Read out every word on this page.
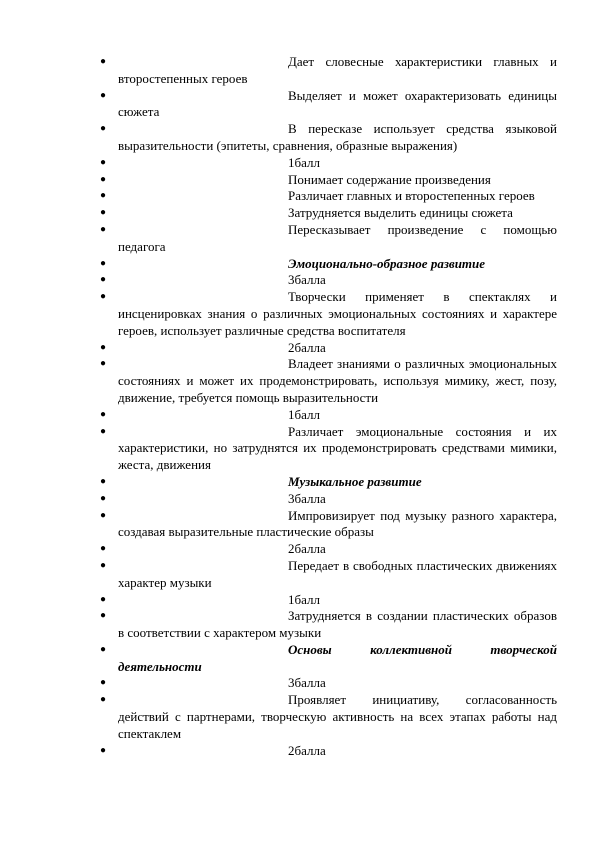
●	Дает словесные характеристики главных и второстепенных героев
●	Выделяет и может охарактеризовать единицы сюжета
●	В пересказе использует средства языковой выразительности (эпитеты, сравнения, образные выражения)
●	1балл
●	Понимает содержание произведения
●	Различает главных и второстепенных героев
●	Затрудняется выделить единицы сюжета
●	Пересказывает произведение с помощью педагога
●	Эмоционально-образное развитие
●	3балла
●	Творчески применяет в спектаклях и инсценировках знания о различных эмоциональных состояниях и характере героев, использует различные средства воспитателя
●	2балла
●	Владеет знаниями о различных эмоциональных состояниях и может их продемонстрировать, используя мимику, жест, позу, движение, требуется помощь выразительности
●	1балл
●	Различает эмоциональные состояния и их характеристики, но затруднятся их продемонстрировать средствами мимики, жеста, движения
●	Музыкальное развитие
●	3балла
●	Импровизирует под музыку разного характера, создавая выразительные пластические образы
●	2балла
●	Передает в свободных пластических движениях характер музыки
●	1балл
●	Затрудняется в создании пластических образов в соответствии с характером музыки
●	Основы коллективной творческой деятельности
●	3балла
●	Проявляет инициативу, согласованность действий с партнерами, творческую активность на всех этапах работы над спектаклем
●	2балла
